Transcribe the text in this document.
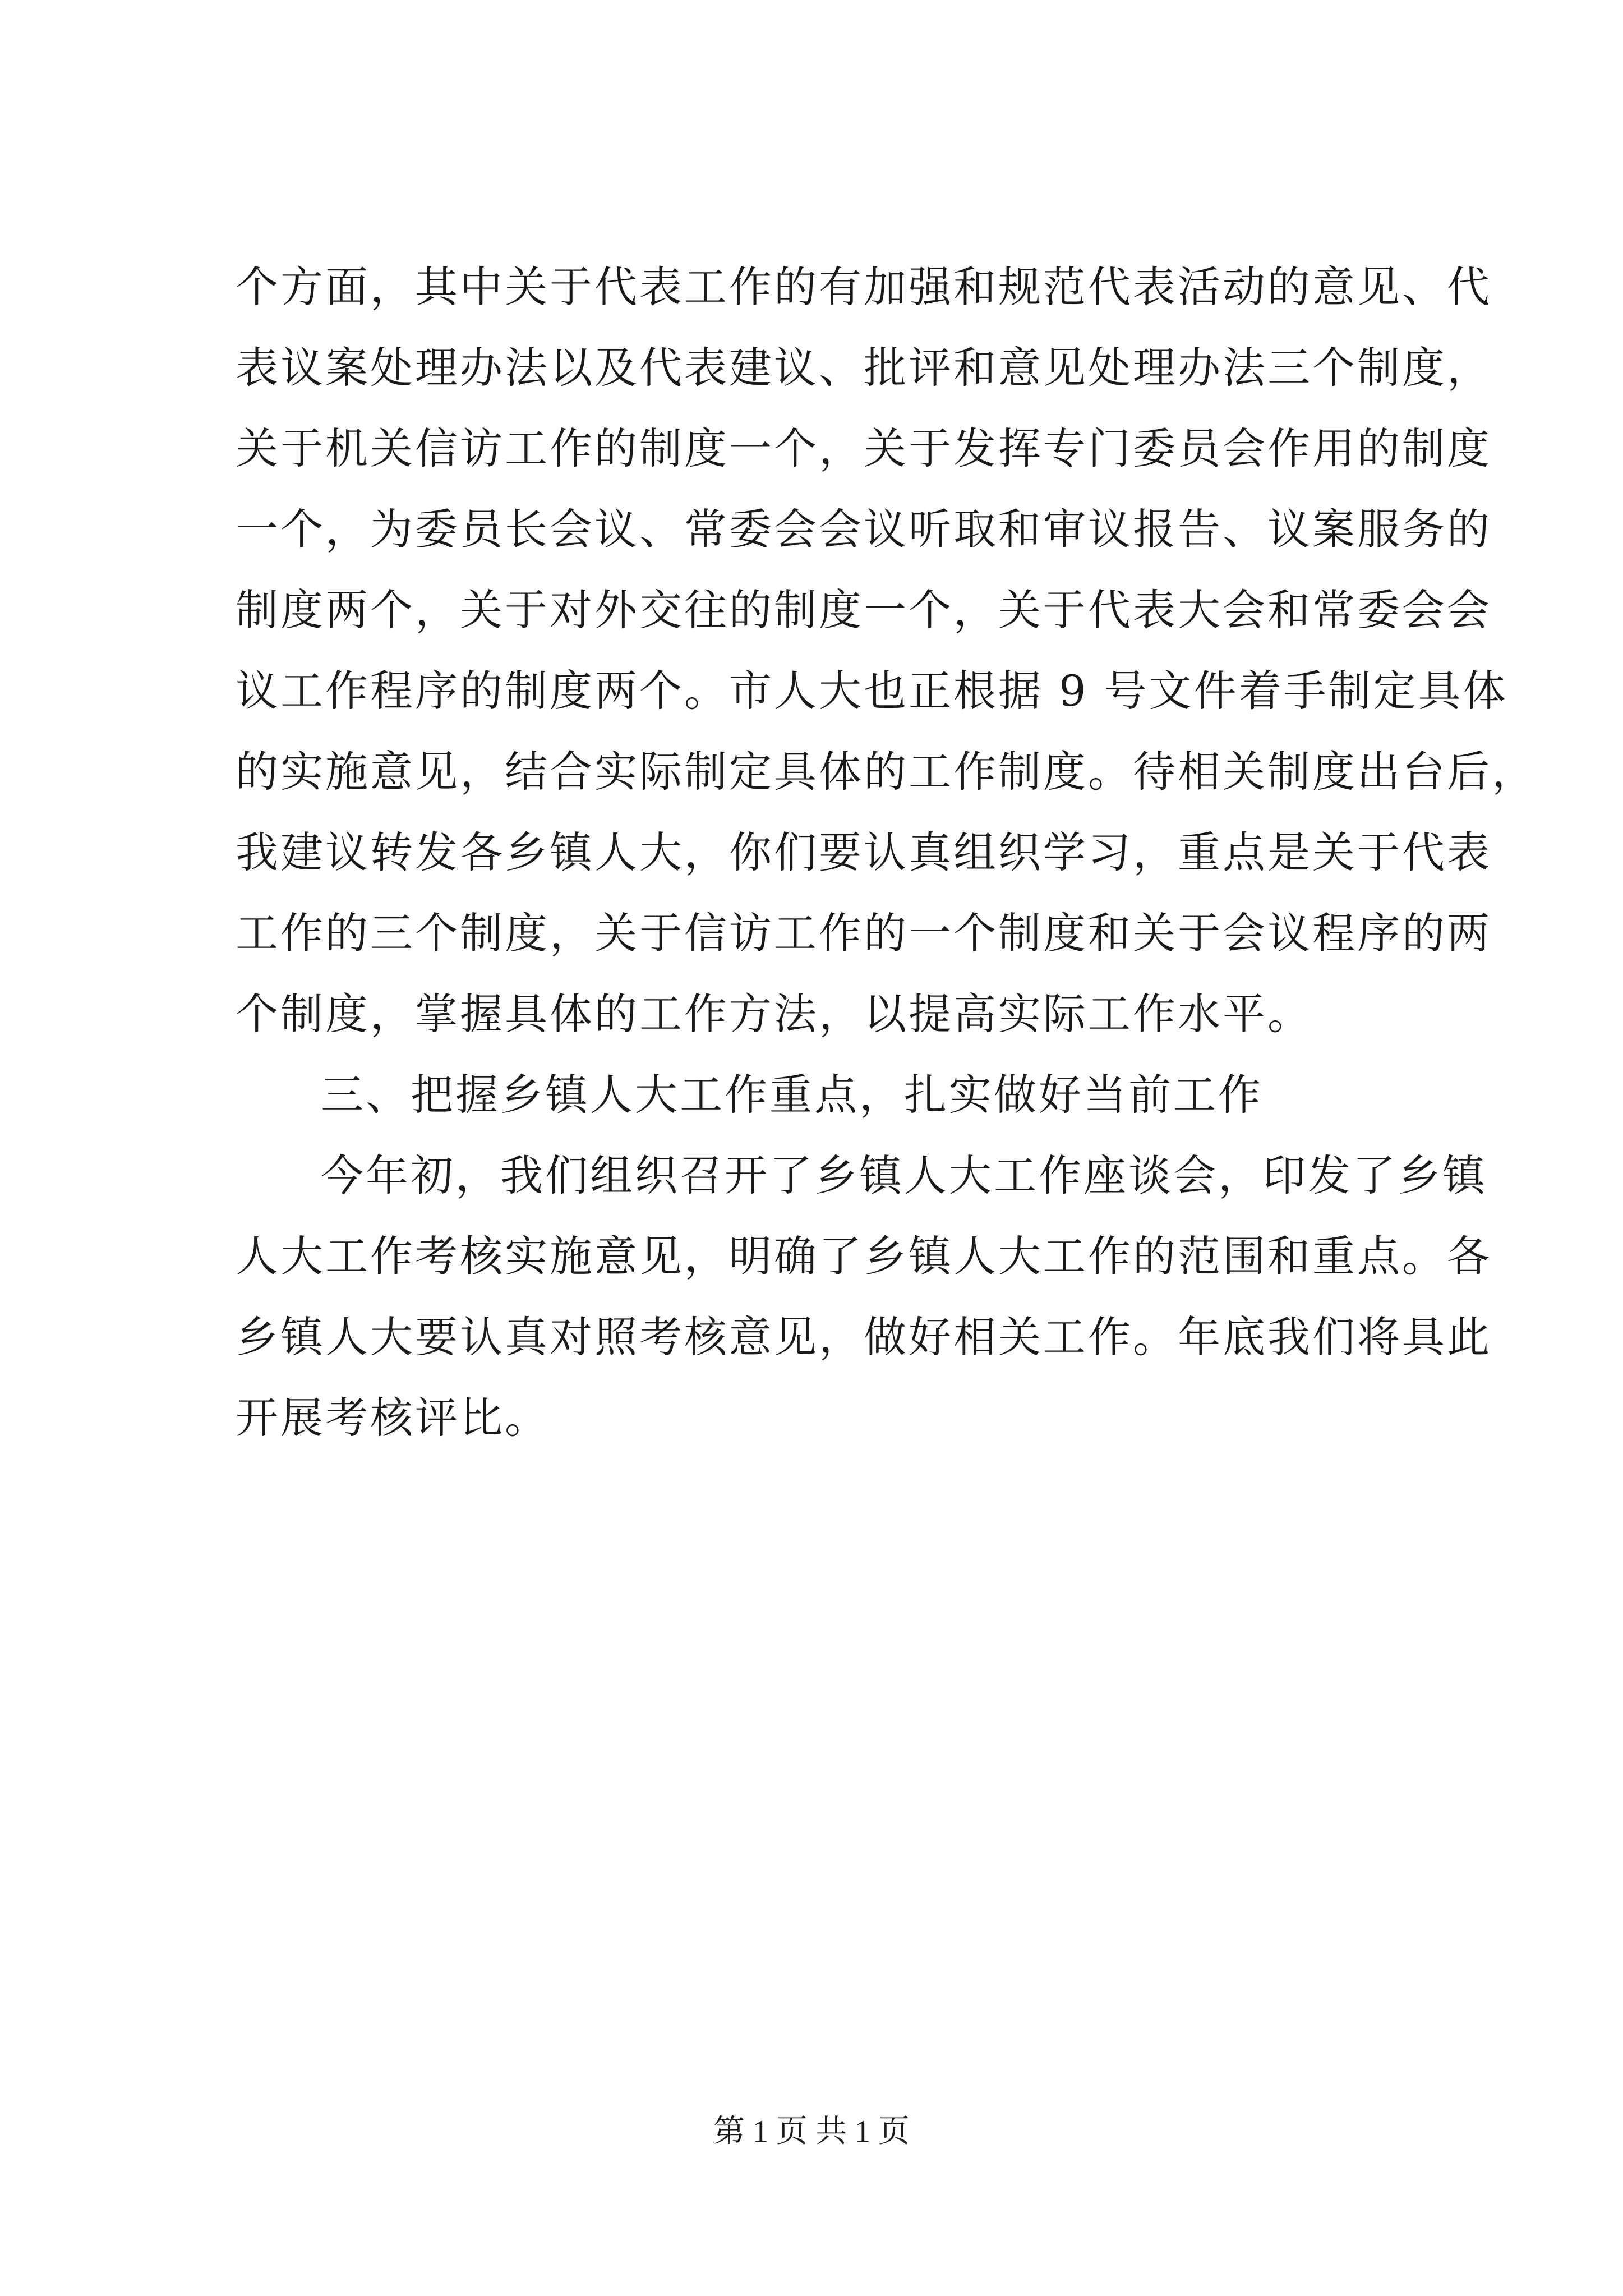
个方面，其中关于代表工作的有加强和规范代表活动的意见、代
表议案处理办法以及代表建议、批评和意见处理办法三个制度，
关于机关信访工作的制度一个，关于发挥专门委员会作用的制度
一个，为委员长会议、常委会会议听取和审议报告、议案服务的
制度两个，关于对外交往的制度一个，关于代表大会和常委会会
议工作程序的制度两个。市人大也正根据 9 号文件着手制定具体
的实施意见，结合实际制定具体的工作制度。待相关制度出台后，
我建议转发各乡镇人大，你们要认真组织学习，重点是关于代表
工作的三个制度，关于信访工作的一个制度和关于会议程序的两
个制度，掌握具体的工作方法，以提高实际工作水平。
三、把握乡镇人大工作重点，扎实做好当前工作
今年初，我们组织召开了乡镇人大工作座谈会，印发了乡镇
人大工作考核实施意见，明确了乡镇人大工作的范围和重点。各
乡镇人大要认真对照考核意见，做好相关工作。年底我们将具此
开展考核评比。
第 1 页 共 1 页
